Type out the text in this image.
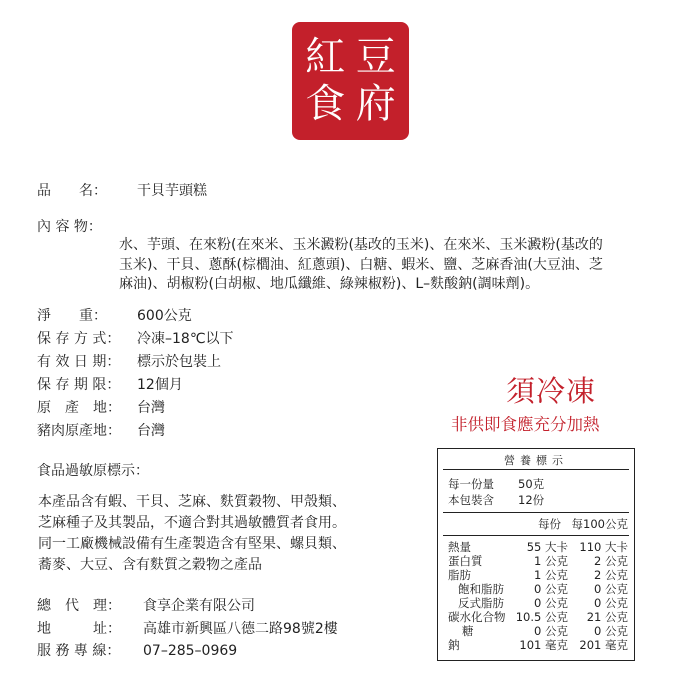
紅 豆
食 府
品　　名： 干貝芋頭糕
內 容 物：
水、芋頭、在來粉(在來米、玉米澱粉(基改的玉米)、在來米、玉米澱粉(基改的
玉米)、干貝、蔥酥(棕櫚油、紅蔥頭)、白糖、蝦米、鹽、芝麻香油(大豆油、芝
麻油)、胡椒粉(白胡椒、地瓜纖維、綠辣椒粉)、L–麩酸鈉(調味劑)。
淨　　重： 600公克
保 存 方 式： 冷凍–18℃以下
有 效 日 期： 標示於包裝上
保 存 期 限： 12個月
原　產　地： 台灣
豬肉原產地： 台灣
須冷凍
非供即食應充分加熱
食品過敏原標示：
本產品含有蝦、干貝、芝麻、麩質穀物、甲殼類、
芝麻種子及其製品，不適合對其過敏體質者食用。
同一工廠機械設備有生產製造含有堅果、螺貝類、
蕎麥、大豆、含有麩質之穀物之產品
總　代　理： 食享企業有限公司
地　　　址： 高雄市新興區八德二路98號2樓
服 務 專 線： 07–285–0969
營養標示
每一份量 50克
本包裝含 12份
每份 每100公克
熱量	55 大卡 110 大卡
蛋白質	1 公克 2 公克
脂肪	1 公克 2 公克
飽和脂肪	0 公克 0 公克
反式脂肪	0 公克 0 公克
碳水化合物 10.5 公克 21 公克
糖	0 公克 0 公克
鈉	101 毫克 201 毫克
